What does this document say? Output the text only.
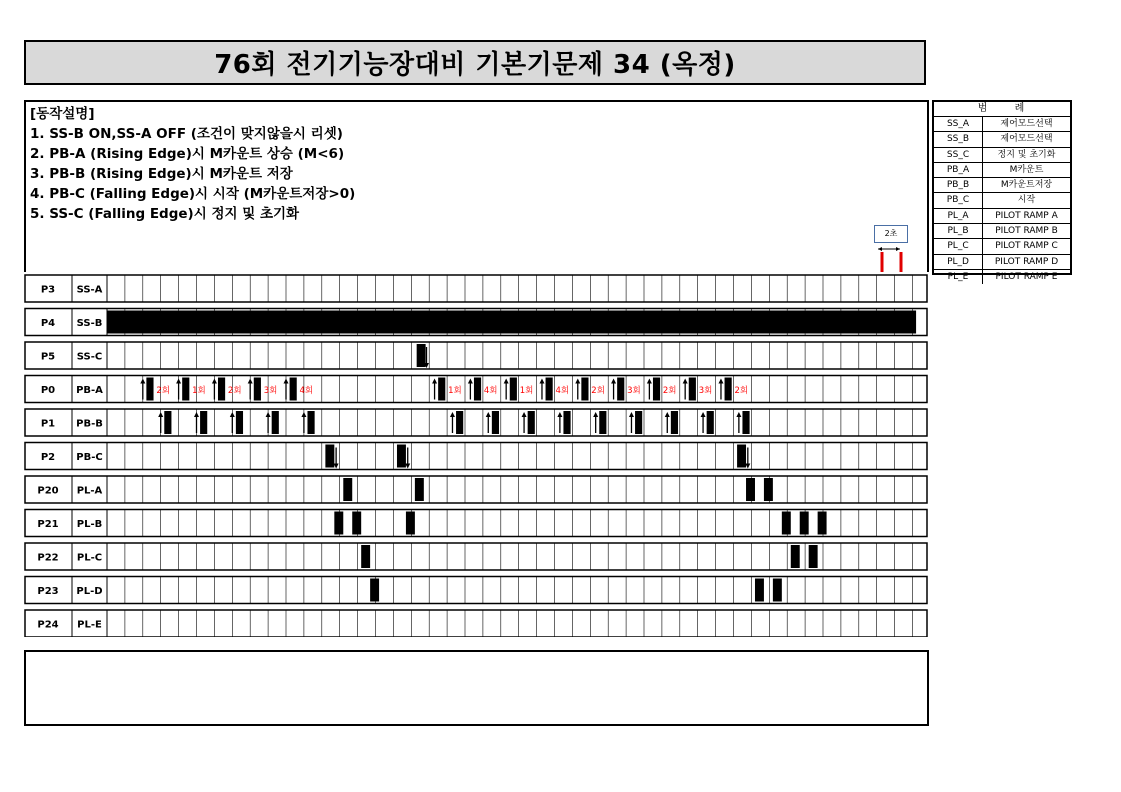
76회 전기기능장대비 기본기문제 34 (옥정)
[동작설명]
1. SS-B ON,SS-A OFF (조건이 맞지않을시 리셋)
2. PB-A (Rising Edge)시 M카운트 상승 (M<6)
3. PB-B (Rising Edge)시 M카운트 저장
4. PB-C (Falling Edge)시 시작 (M카운트저장>0)
5. SS-C (Falling Edge)시 정지 및 초기화
범 례
SS_A	제어모드선택
SS_B	제어모드선택
SS_C	정지 및 초기화
PB_A	M카운트
PB_B	M카운트저장
PB_C	시작
PL_A	PILOT RAMP A
PL_B	PILOT RAMP B
PL_C	PILOT RAMP C
PL_D	PILOT RAMP D
PL_E	PILOT RAMP E
2초
P3 SS-A
P4 SS-B
P5 SS-C
P0 PB-A	2회	1회	2회	3회	4회	1회	4회	1회	4회	2회	3회	2회	3회	2회
P1 PB-B
P2 PB-C
P20 PL-A
P21 PL-B
P22 PL-C
P23 PL-D
P24 PL-E
